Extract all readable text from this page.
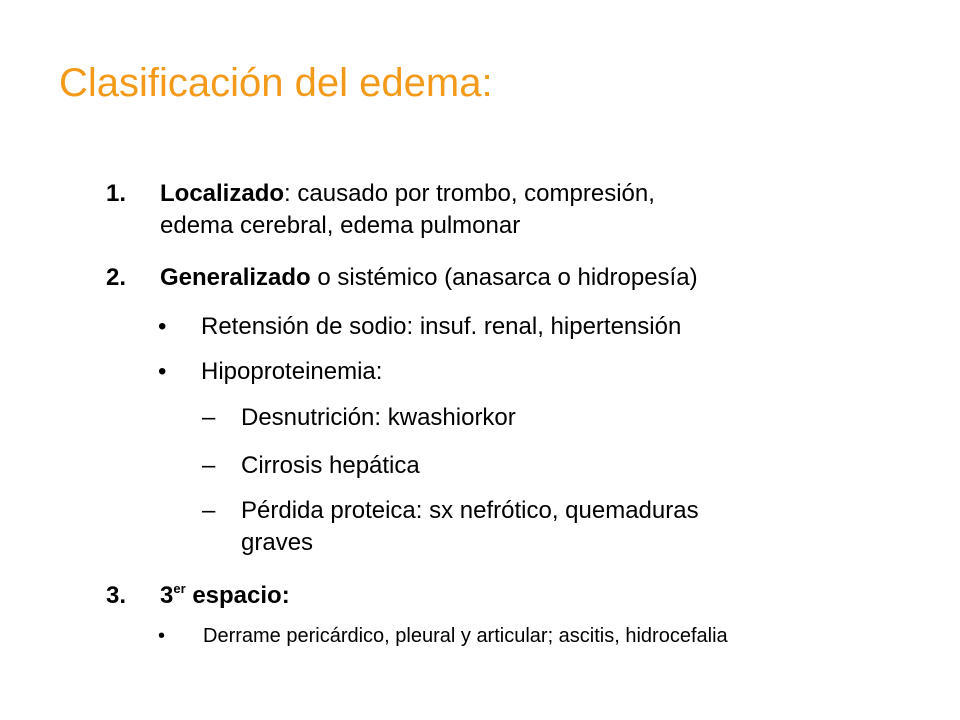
Clasificación del edema:
1. Localizado: causado por trombo, compresión,
edema cerebral, edema pulmonar
2. Generalizado o sistémico (anasarca o hidropesía)
• Retensión de sodio: insuf. renal, hipertensión
• Hipoproteinemia:
– Desnutrición: kwashiorkor
– Cirrosis hepática
– Pérdida proteica: sx nefrótico, quemaduras
graves
3. 3er espacio:
• Derrame pericárdico, pleural y articular; ascitis, hidrocefalia
